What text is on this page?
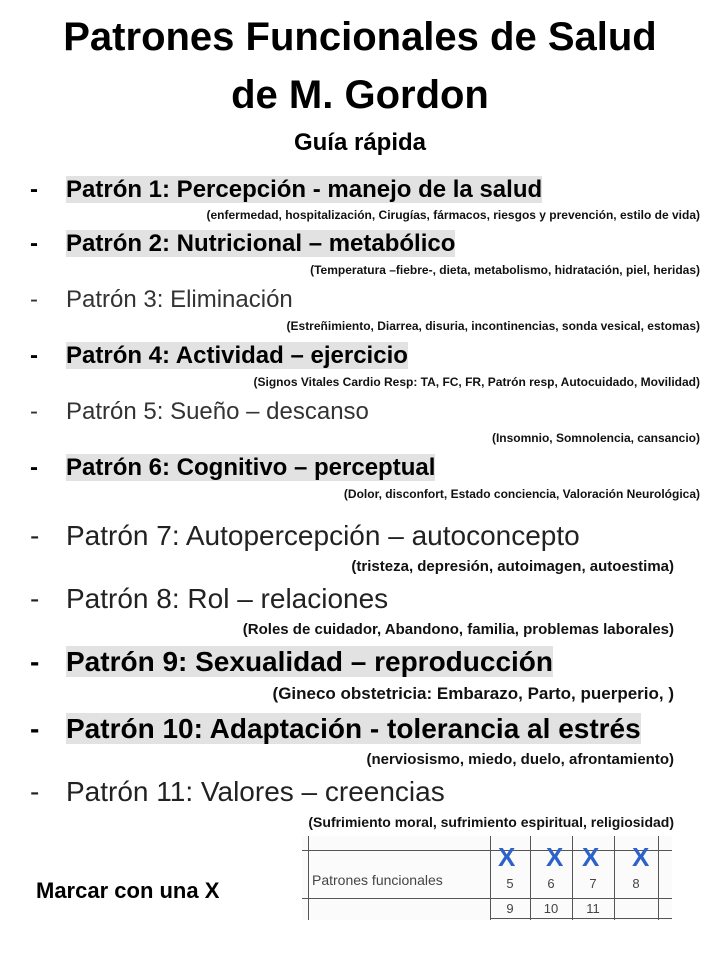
Patrones Funcionales de Salud
de M. Gordon
Guía rápida
- Patrón 1: Percepción - manejo de la salud
(enfermedad, hospitalización, Cirugías, fármacos, riesgos y prevención, estilo de vida)
- Patrón 2: Nutricional – metabólico
(Temperatura –fiebre-, dieta, metabolismo, hidratación, piel, heridas)
- Patrón 3: Eliminación
(Estreñimiento, Diarrea, disuria, incontinencias, sonda vesical, estomas)
- Patrón 4: Actividad – ejercicio
(Signos Vitales Cardio Resp: TA, FC, FR, Patrón resp, Autocuidado, Movilidad)
- Patrón 5: Sueño – descanso
(Insomnio, Somnolencia, cansancio)
- Patrón 6: Cognitivo – perceptual
(Dolor, disconfort, Estado conciencia, Valoración Neurológica)
- Patrón 7: Autopercepción – autoconcepto
(tristeza, depresión, autoimagen, autoestima)
- Patrón 8: Rol – relaciones
(Roles de cuidador, Abandono, familia, problemas laborales)
- Patrón 9: Sexualidad – reproducción
(Gineco obstetricia: Embarazo, Parto, puerperio, )
- Patrón 10: Adaptación - tolerancia al estrés
(nerviosismo, miedo, duelo, afrontamiento)
- Patrón 11: Valores – creencias
(Sufrimiento moral, sufrimiento espiritual, religiosidad)
Marcar con una X	Patrones funcionales
X X X X
5	6	7	8
9	10	11
